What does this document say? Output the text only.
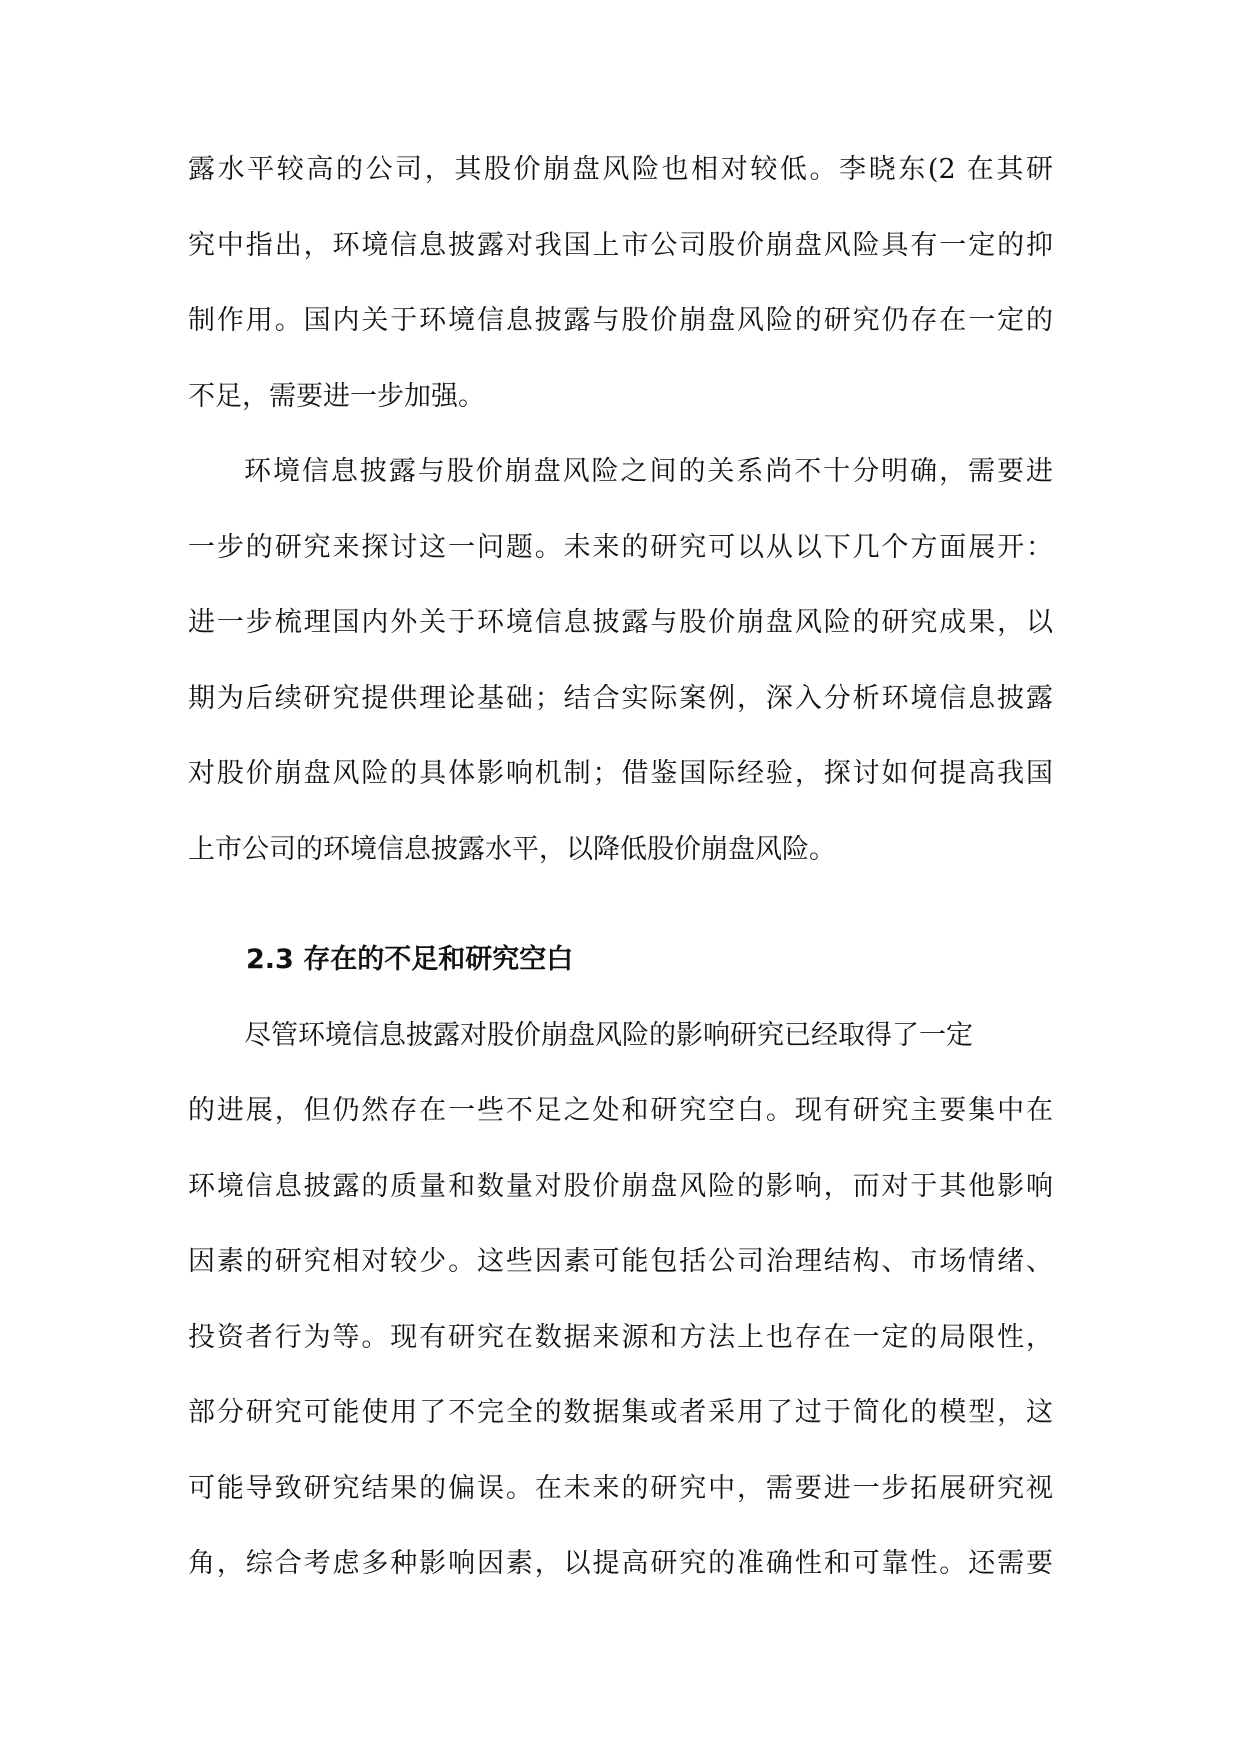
露水平较高的公司，其股价崩盘风险也相对较低。李晓东(2 在其研
究中指出，环境信息披露对我国上市公司股价崩盘风险具有一定的抑
制作用。国内关于环境信息披露与股价崩盘风险的研究仍存在一定的
不足，需要进一步加强。
环境信息披露与股价崩盘风险之间的关系尚不十分明确，需要进
一步的研究来探讨这一问题。未来的研究可以从以下几个方面展开：
进一步梳理国内外关于环境信息披露与股价崩盘风险的研究成果，以
期为后续研究提供理论基础；结合实际案例，深入分析环境信息披露
对股价崩盘风险的具体影响机制；借鉴国际经验，探讨如何提高我国
上市公司的环境信息披露水平，以降低股价崩盘风险。
2.3 存在的不足和研究空白
尽管环境信息披露对股价崩盘风险的影响研究已经取得了一定
的进展，但仍然存在一些不足之处和研究空白。现有研究主要集中在
环境信息披露的质量和数量对股价崩盘风险的影响，而对于其他影响
因素的研究相对较少。这些因素可能包括公司治理结构、市场情绪、
投资者行为等。现有研究在数据来源和方法上也存在一定的局限性，
部分研究可能使用了不完全的数据集或者采用了过于简化的模型，这
可能导致研究结果的偏误。在未来的研究中，需要进一步拓展研究视
角，综合考虑多种影响因素，以提高研究的准确性和可靠性。还需要
